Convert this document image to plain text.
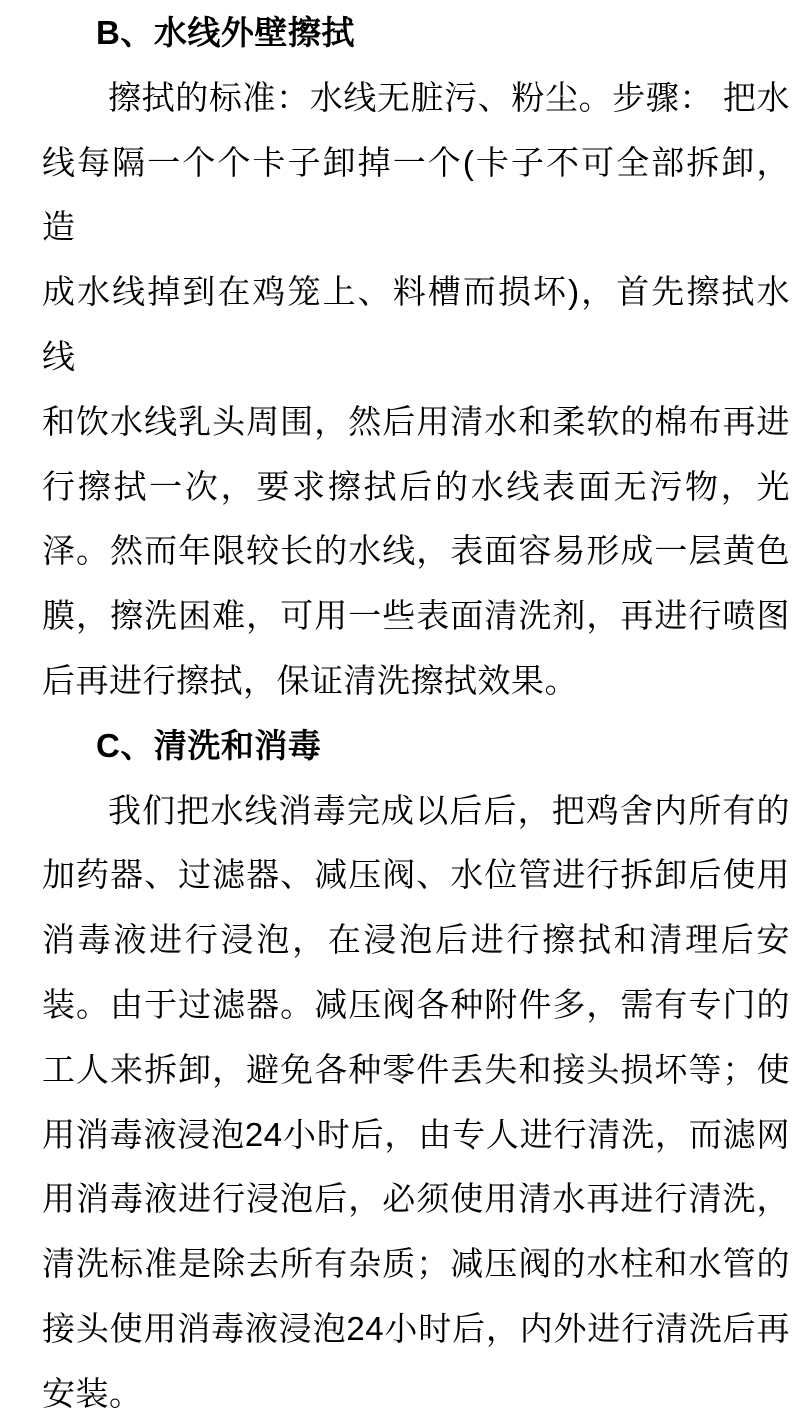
B、水线外壁擦拭
擦拭的标准：水线无脏污、粉尘。步骤： 把水
线每隔一个个卡子卸掉一个(卡子不可全部拆卸，造
成水线掉到在鸡笼上、料槽而损坏)，首先擦拭水线
和饮水线乳头周围，然后用清水和柔软的棉布再进
行擦拭一次，要求擦拭后的水线表面无污物，光
泽。然而年限较长的水线，表面容易形成一层黄色
膜，擦洗困难，可用一些表面清洗剂，再进行喷图
后再进行擦拭，保证清洗擦拭效果。
C、清洗和消毒
我们把水线消毒完成以后后，把鸡舍内所有的
加药器、过滤器、减压阀、水位管进行拆卸后使用
消毒液进行浸泡，在浸泡后进行擦拭和清理后安
装。由于过滤器。减压阀各种附件多，需有专门的
工人来拆卸，避免各种零件丢失和接头损坏等；使
用消毒液浸泡24小时后，由专人进行清洗，而滤网
用消毒液进行浸泡后，必须使用清水再进行清洗，
清洗标准是除去所有杂质；减压阀的水柱和水管的
接头使用消毒液浸泡24小时后，内外进行清洗后再
安装。
